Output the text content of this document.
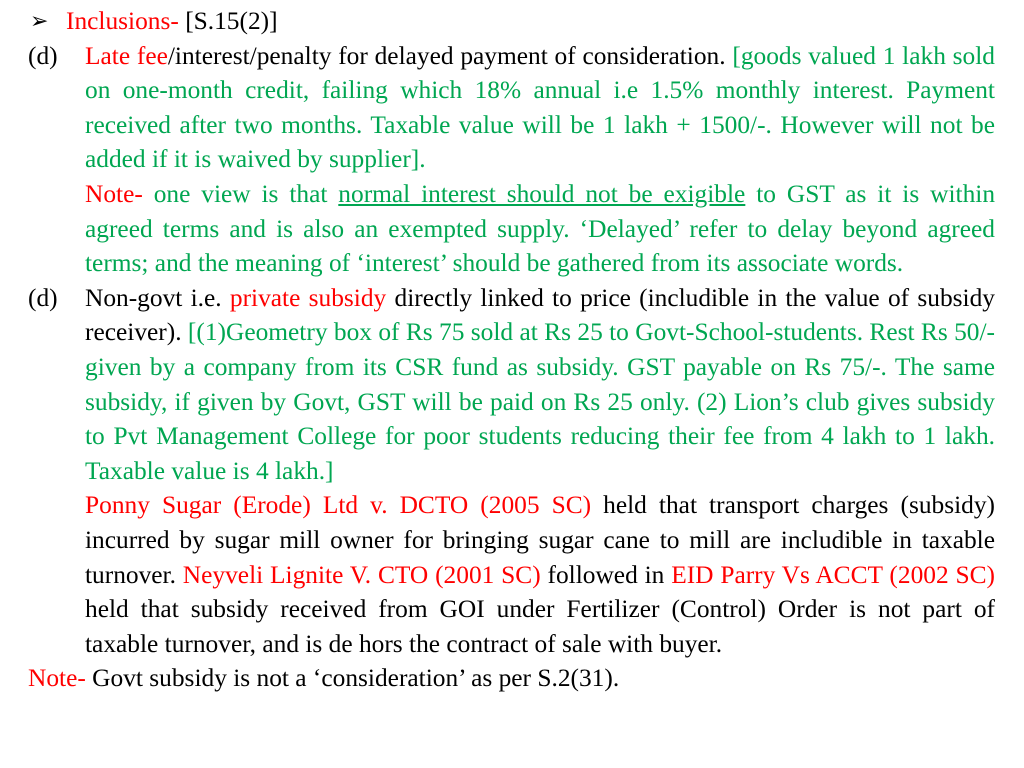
➢ Inclusions- [S.15(2)]
(d) Late fee/interest/penalty for delayed payment of consideration. [goods valued 1 lakh sold on one-month credit, failing which 18% annual i.e 1.5% monthly interest. Payment received after two months. Taxable value will be 1 lakh + 1500/-. However will not be added if it is waived by supplier].
Note- one view is that normal interest should not be exigible to GST as it is within agreed terms and is also an exempted supply. ‘Delayed’ refer to delay beyond agreed terms; and the meaning of ‘interest’ should be gathered from its associate words.
(d) Non-govt i.e. private subsidy directly linked to price (includible in the value of subsidy receiver). [(1)Geometry box of Rs 75 sold at Rs 25 to Govt-School-students. Rest Rs 50/- given by a company from its CSR fund as subsidy. GST payable on Rs 75/-. The same subsidy, if given by Govt, GST will be paid on Rs 25 only. (2) Lion’s club gives subsidy to Pvt Management College for poor students reducing their fee from 4 lakh to 1 lakh. Taxable value is 4 lakh.]
Ponny Sugar (Erode) Ltd v. DCTO (2005 SC) held that transport charges (subsidy) incurred by sugar mill owner for bringing sugar cane to mill are includible in taxable turnover. Neyveli Lignite V. CTO (2001 SC) followed in EID Parry Vs ACCT (2002 SC) held that subsidy received from GOI under Fertilizer (Control) Order is not part of taxable turnover, and is de hors the contract of sale with buyer.
Note- Govt subsidy is not a ‘consideration’ as per S.2(31).
